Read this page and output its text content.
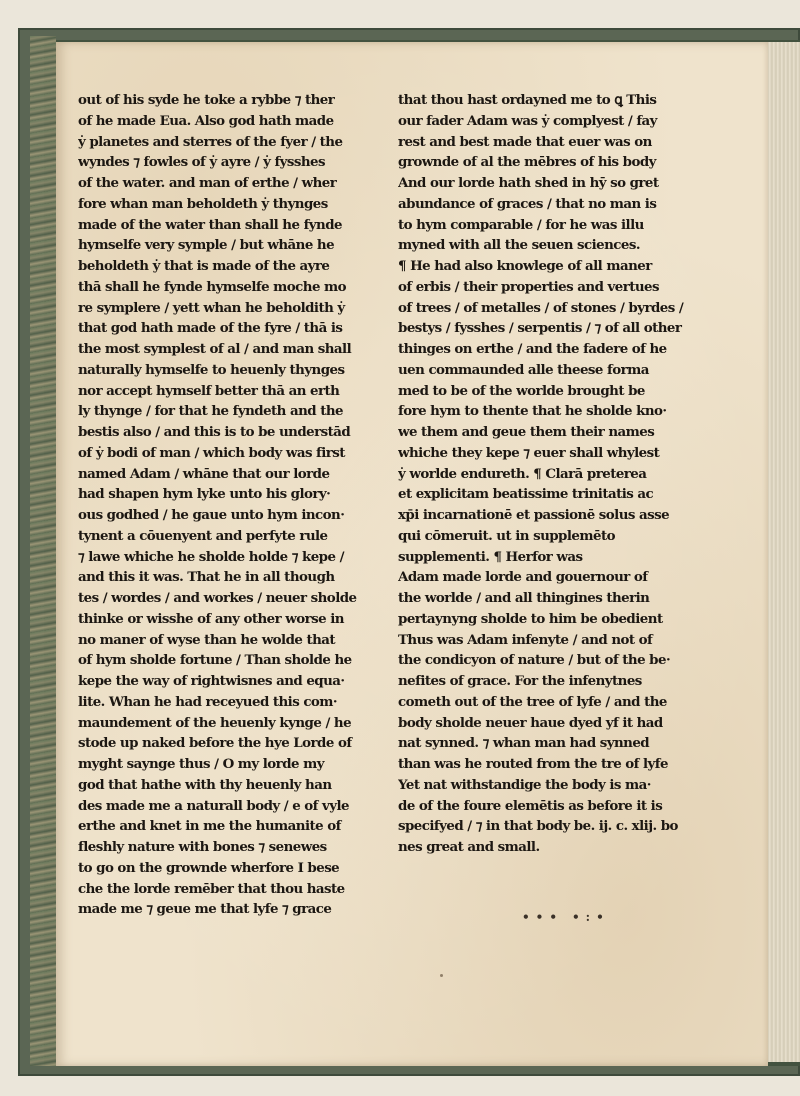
out of his syde he toke a rybbe ⁊ ther
of he made Eua. Also god hath made
ẏ planetes and sterres of the fyer / the
wyndes ⁊ fowles of ẏ ayre / ẏ fysshes
of the water. and man of erthe / wher
fore whan man beholdeth ẏ thynges
made of the water than shall he fynde
hymselfe very symple / but whāne he
beholdeth ẏ that is made of the ayre
thā shall he fynde hymselfe moche mo
re symplere / yett whan he beholdith ẏ
that god hath made of the fyre / thā is
the most symplest of al / and man shall
naturally hymselfe to heuenly thynges
nor accept hymself better thā an erth
ly thynge / for that he fyndeth and the
bestis also / and this is to be understād
of ẏ bodi of man / which body was first
named Adam / whāne that our lorde
had shapen hym lyke unto his glory·
ous godhed / he gaue unto hym incon·
tynent a cōuenyent and perfyte rule
⁊ lawe whiche he sholde holde ⁊ kepe /
and this it was. That he in all though
tes / wordes / and workes / neuer sholde
thinke or wisshe of any other worse in
no maner of wyse than he wolde that
of hym sholde fortune / Than sholde he
kepe the way of rightwisnes and equa·
lite. Whan he had receyued this com·
maundement of the heuenly kynge / he
stode up naked before the hye Lorde of
myght saynge thus / O my lorde my
god that hathe with thy heuenly han
des made me a naturall body / e of vyle
erthe and knet in me the humanite of
fleshly nature with bones ⁊ senewes
to go on the grownde wherfore I bese
che the lorde remēber that thou haste
made me ⁊ geue me that lyfe ⁊ grace
that thou hast ordayned me to ꝗ This
our fader Adam was ẏ complyest / fay
rest and best made that euer was on
grownde of al the mēbres of his body
And our lorde hath shed in hȳ so gret
abundance of graces / that no man is
to hym comparable / for he was illu
myned with all the seuen sciences.
¶ He had also knowlege of all maner
of erbis / their properties and vertues
of trees / of metalles / of stones / byrdes /
bestys / fysshes / serpentis / ⁊ of all other
thinges on erthe / and the fadere of he
uen commaunded alle theese forma
med to be of the worlde brought be
fore hym to thente that he sholde kno·
we them and geue them their names
whiche they kepe ⁊ euer shall whylest
ẏ worlde endureth. ¶ Clarā preterea
et explicitam beatissime trinitatis ac
xp̄i incarnationē et passionē solus asse
qui cōmeruit. ut in supplemēto
supplementi. ¶ Herfor was
Adam made lorde and gouernour of
the worlde / and all thingines therin
pertaynyng sholde to him be obedient
Thus was Adam infenyte / and not of
the condicyon of nature / but of the be·
nefites of grace. For the infenytnes
cometh out of the tree of lyfe / and the
body sholde neuer haue dyed yf it had
nat synned. ⁊ whan man had synned
than was he routed from the tre of lyfe
Yet nat withstandige the body is ma·
de of the foure elemētis as before it is
specifyed / ⁊ in that body be. ij. c. xlij. bo
nes great and small.
••• •:•
